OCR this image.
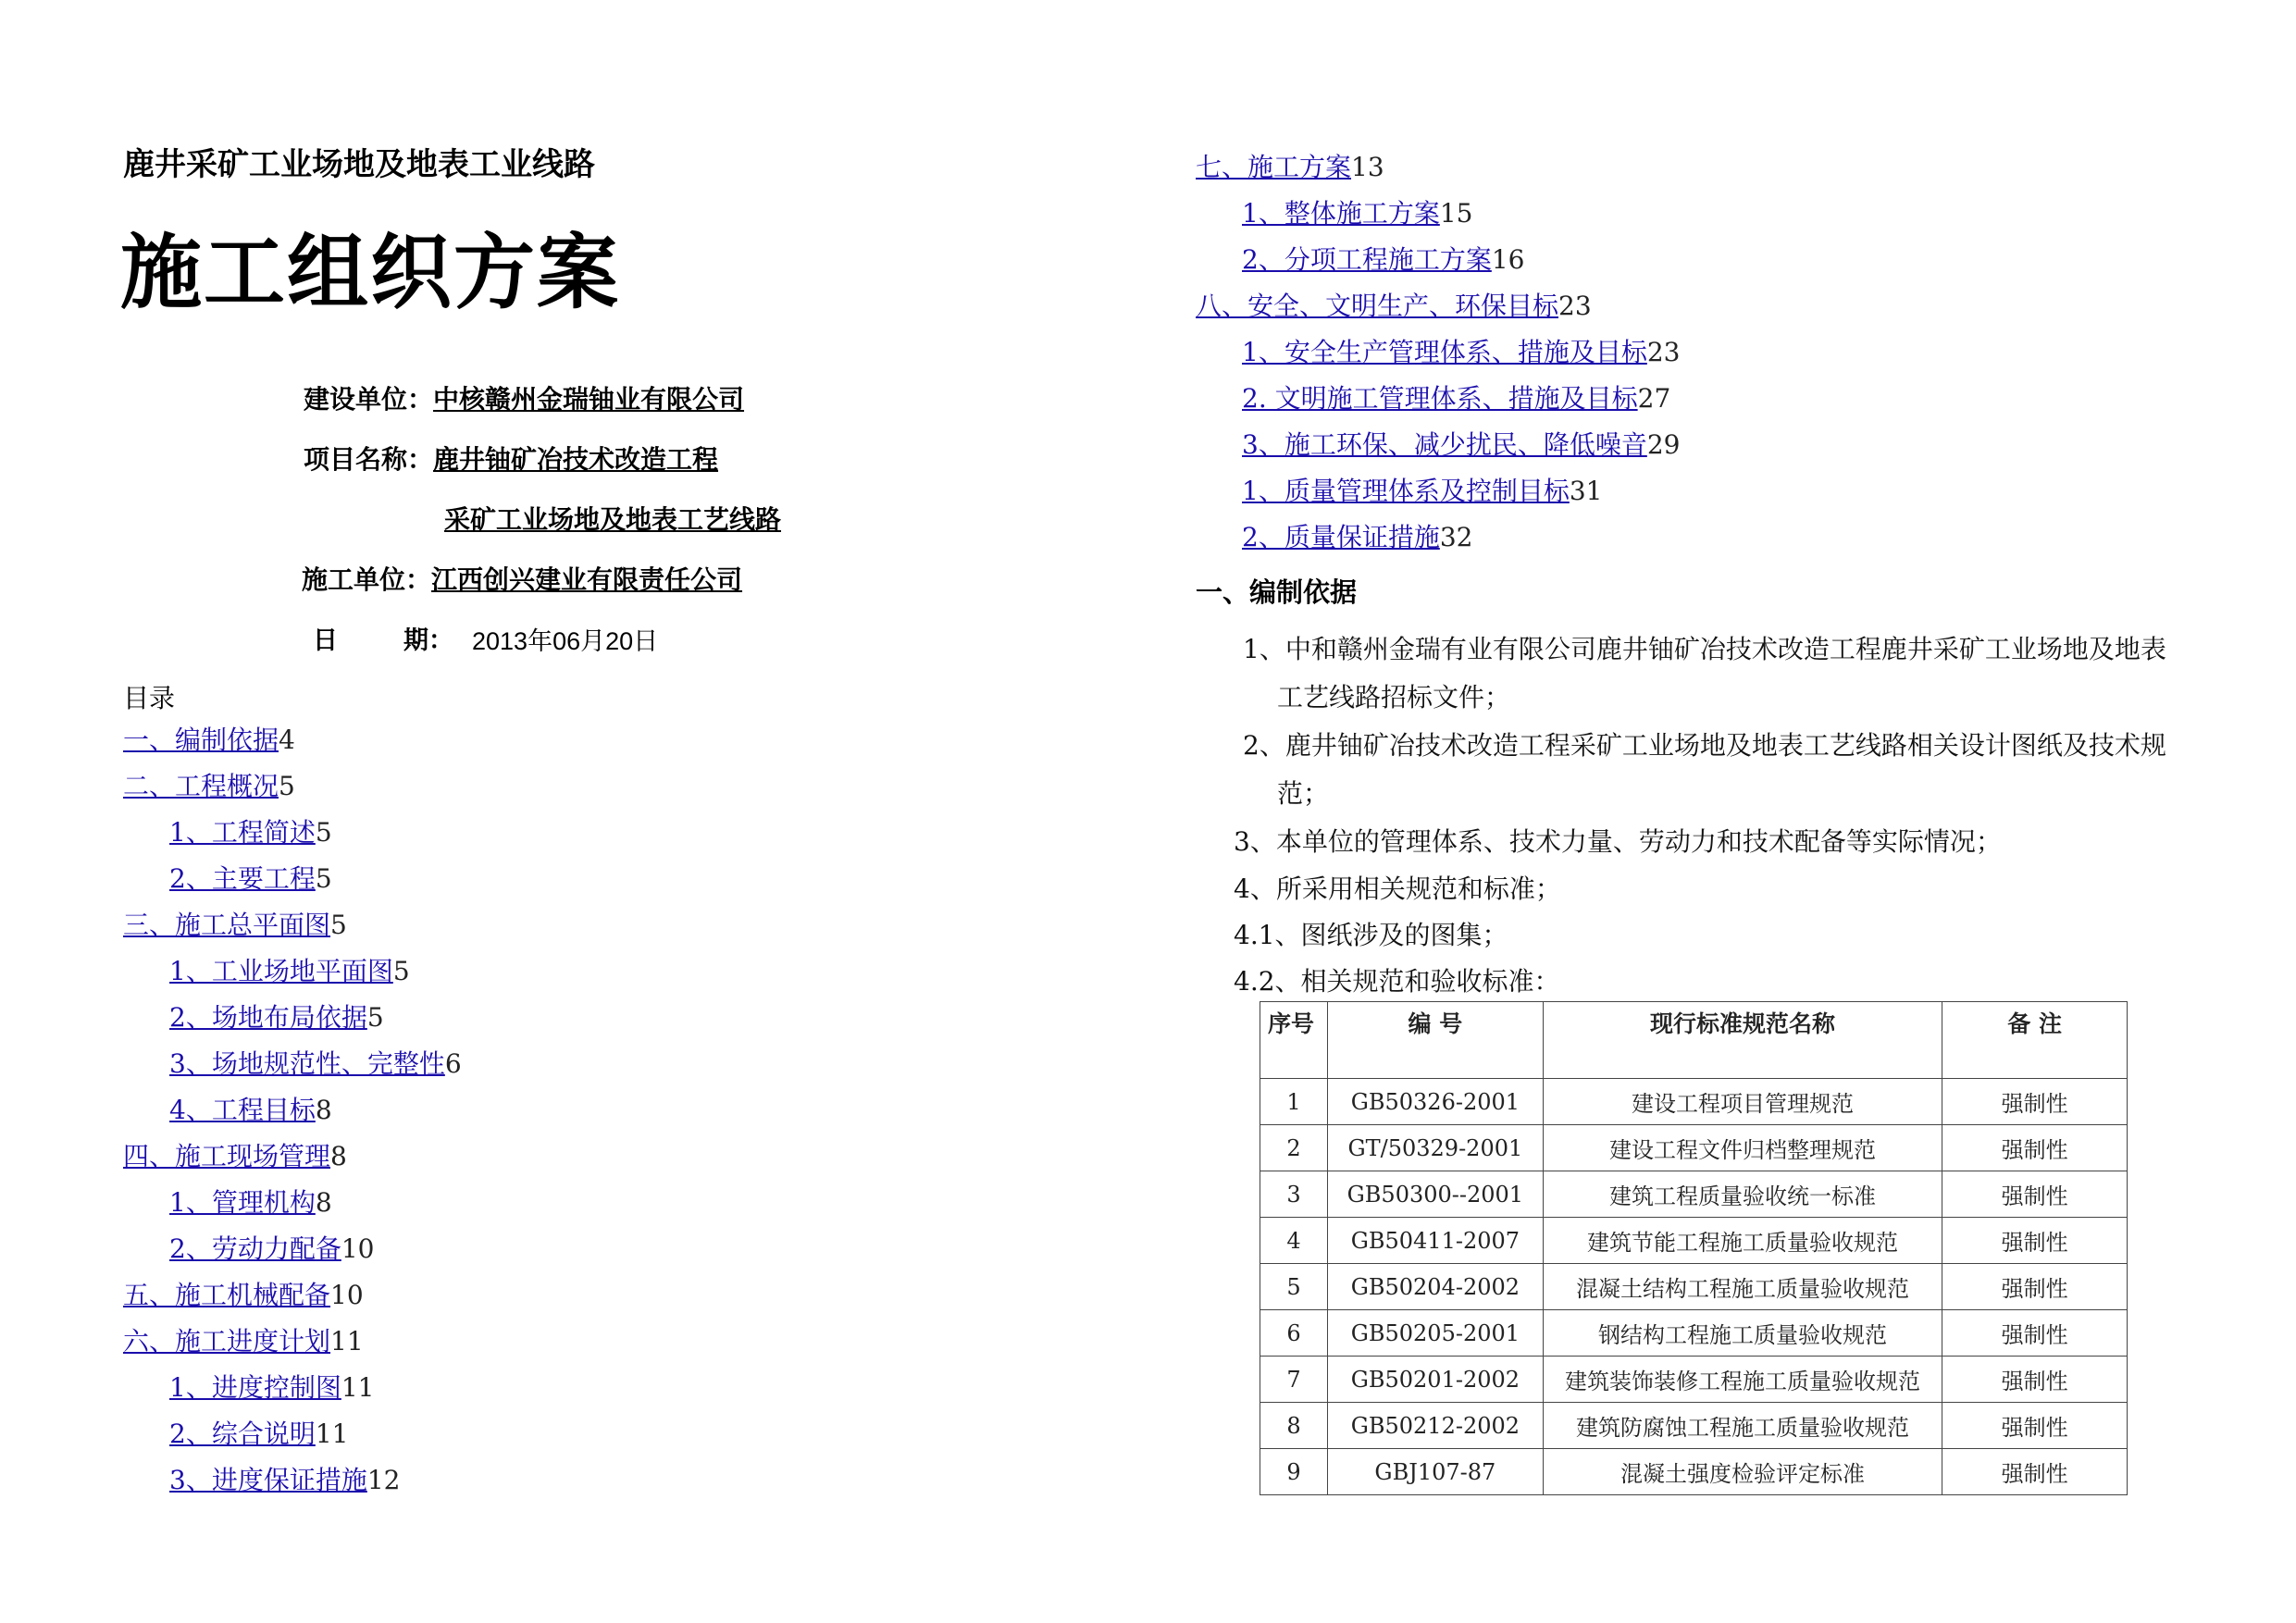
鹿井采矿工业场地及地表工业线路
施工组织方案
建设单位：中核赣州金瑞铀业有限公司
项目名称：鹿井铀矿冶技术改造工程
采矿工业场地及地表工艺线路
施工单位：江西创兴建业有限责任公司
日	期： 2013年06月20日
目录
一、编制依据4
二、工程概况5
1、工程简述5
2、主要工程5
三、施工总平面图5
1、工业场地平面图5
2、场地布局依据5
3、场地规范性、完整性6
4、工程目标8
四、施工现场管理8
1、管理机构8
2、劳动力配备10
五、施工机械配备10
六、施工进度计划11
1、进度控制图11
2、综合说明11
3、进度保证措施12
七、施工方案13
1、整体施工方案15
2、分项工程施工方案16
八、安全、文明生产、环保目标23
1、安全生产管理体系、措施及目标23
2. 文明施工管理体系、措施及目标27
3、施工环保、减少扰民、降低噪音29
1、质量管理体系及控制目标31
2、质量保证措施32
一、编制依据
1、中和赣州金瑞有业有限公司鹿井铀矿冶技术改造工程鹿井采矿工业场地及地表
工艺线路招标文件；
2、鹿井铀矿冶技术改造工程采矿工业场地及地表工艺线路相关设计图纸及技术规
范；
3、本单位的管理体系、技术力量、劳动力和技术配备等实际情况；
4、所采用相关规范和标准；
4.1、图纸涉及的图集；
4.2、相关规范和验收标准：
序号	编 号	现行标准规范名称	备 注
1	GB50326-2001	建设工程项目管理规范	强制性
2	GT/50329-2001	建设工程文件归档整理规范	强制性
3	GB50300--2001	建筑工程质量验收统一标准	强制性
4	GB50411-2007	建筑节能工程施工质量验收规范	强制性
5	GB50204-2002	混凝土结构工程施工质量验收规范	强制性
6	GB50205-2001	钢结构工程施工质量验收规范	强制性
7	GB50201-2002	建筑装饰装修工程施工质量验收规范	强制性
8	GB50212-2002	建筑防腐蚀工程施工质量验收规范	强制性
9	GBJ107-87	混凝土强度检验评定标准	强制性
